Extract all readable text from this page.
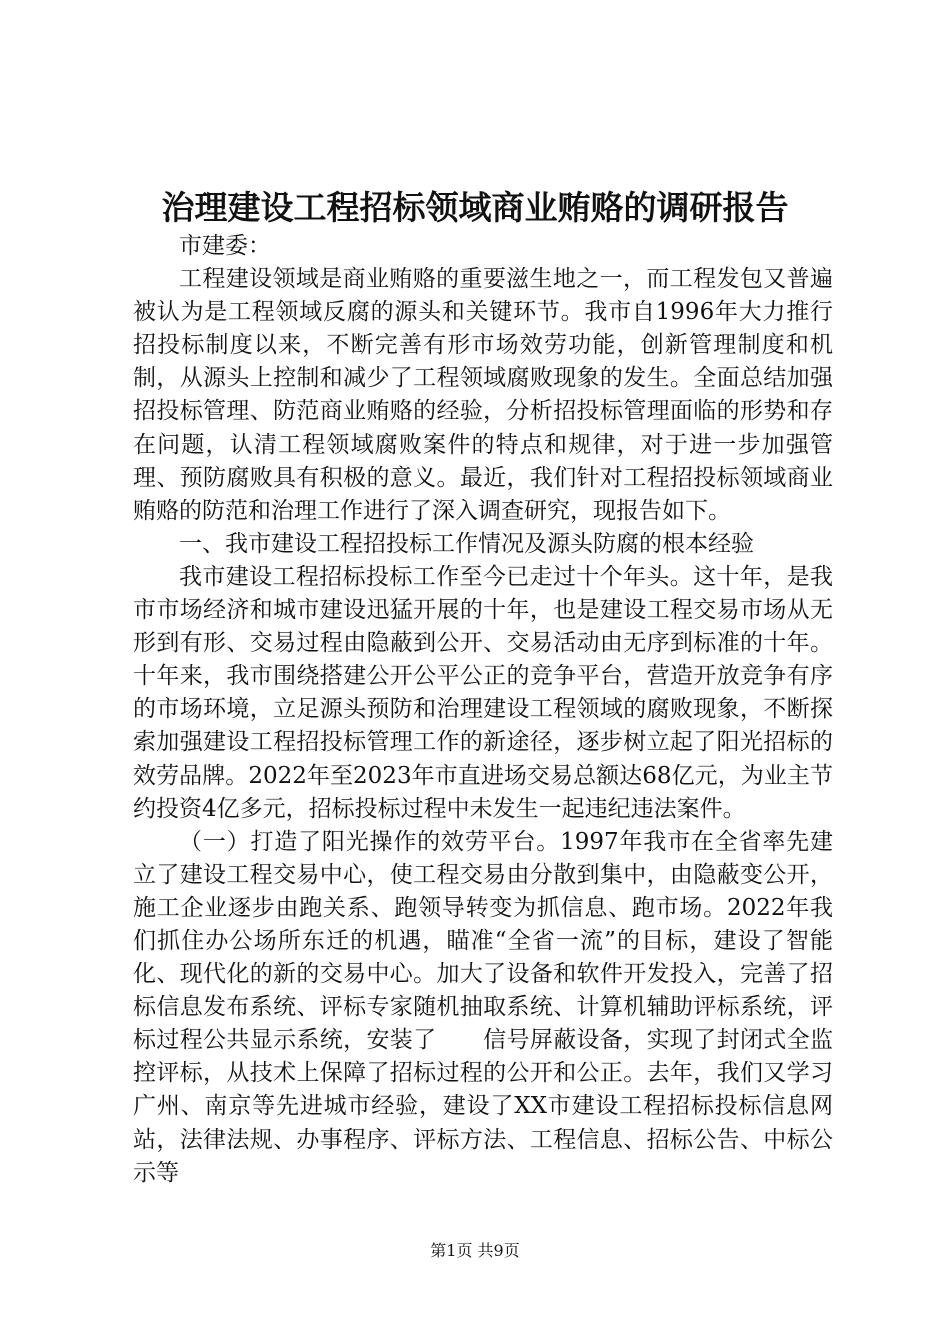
治理建设工程招标领域商业贿赂的调研报告

市建委：

工程建设领域是商业贿赂的重要滋生地之一，而工程发包又普遍被认为是工程领域反腐的源头和关键环节。我市自1996年大力推行招投标制度以来，不断完善有形市场效劳功能，创新管理制度和机制，从源头上控制和减少了工程领域腐败现象的发生。全面总结加强招投标管理、防范商业贿赂的经验，分析招投标管理面临的形势和存在问题，认清工程领域腐败案件的特点和规律，对于进一步加强管理、预防腐败具有积极的意义。最近，我们针对工程招投标领域商业贿赂的防范和治理工作进行了深入调查研究，现报告如下。

一、我市建设工程招投标工作情况及源头防腐的根本经验

我市建设工程招标投标工作至今已走过十个年头。这十年，是我市市场经济和城市建设迅猛开展的十年，也是建设工程交易市场从无形到有形、交易过程由隐蔽到公开、交易活动由无序到标准的十年。十年来，我市围绕搭建公开公平公正的竞争平台，营造开放竞争有序的市场环境，立足源头预防和治理建设工程领域的腐败现象，不断探索加强建设工程招投标管理工作的新途径，逐步树立起了阳光招标的效劳品牌。2022年至2023年市直进场交易总额达68亿元，为业主节约投资4亿多元，招标投标过程中未发生一起违纪违法案件。

（一）打造了阳光操作的效劳平台。1997年我市在全省率先建立了建设工程交易中心，使工程交易由分散到集中，由隐蔽变公开，施工企业逐步由跑关系、跑领导转变为抓信息、跑市场。2022年我们抓住办公场所东迁的机遇，瞄准“全省一流”的目标，建设了智能化、现代化的新的交易中心。加大了设备和软件开发投入，完善了招标信息发布系统、评标专家随机抽取系统、计算机辅助评标系统，评标过程公共显示系统，安装了　　信号屏蔽设备，实现了封闭式全监控评标，从技术上保障了招标过程的公开和公正。去年，我们又学习广州、南京等先进城市经验，建设了XX市建设工程招标投标信息网站，法律法规、办事程序、评标方法、工程信息、招标公告、中标公示等

第1页 共9页
